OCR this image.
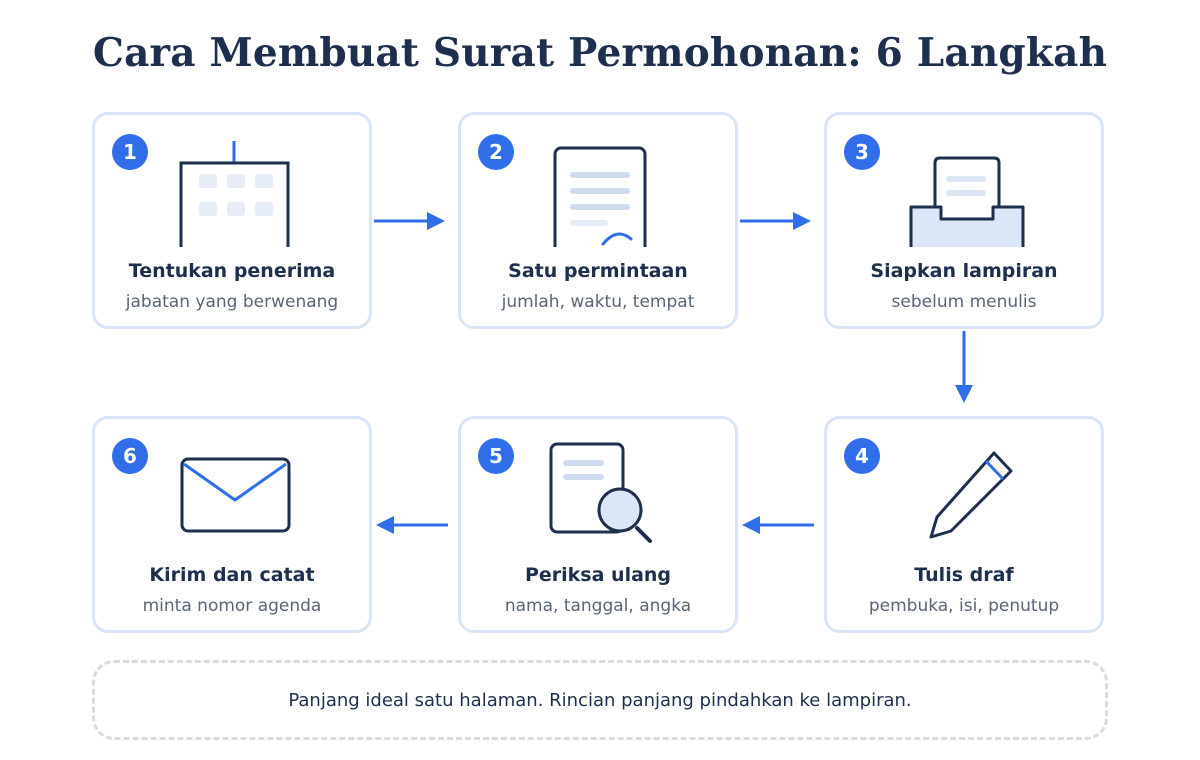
Cara Membuat Surat Permohonan: 6 Langkah
1
Tentukan penerima
jabatan yang berwenang
2
Satu permintaan
jumlah, waktu, tempat
3
Siapkan lampiran
sebelum menulis
6
Kirim dan catat
minta nomor agenda
5
Periksa ulang
nama, tanggal, angka
4
Tulis draf
pembuka, isi, penutup
Panjang ideal satu halaman. Rincian panjang pindahkan ke lampiran.
